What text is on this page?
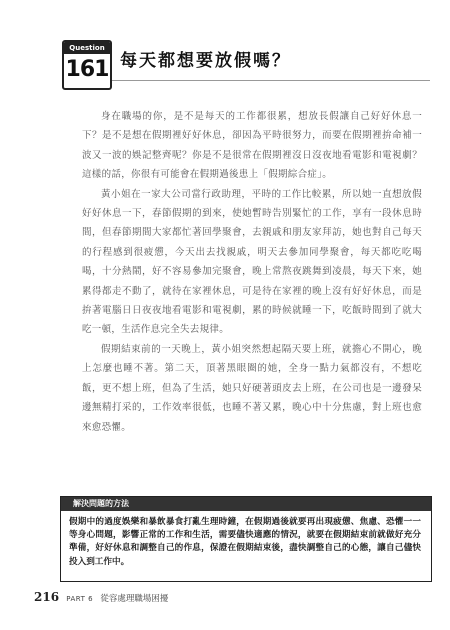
Question
161 每天都想要放假嗎？

身在職場的你，是不是每天的工作都很累，想放長假讓自己好好休息一下？是不是想在假期裡好好休息，卻因為平時很努力，而要在假期裡拚命補一波又一波的娛記整齊呢？你是不是很常在假期裡沒日沒夜地看電影和電視劇？這樣的話，你很有可能會在假期過後患上「假期綜合症」。

黃小姐在一家大公司當行政助理，平時的工作比較累，所以她一直想放假好好休息一下，春節假期的到來，使她暫時告別緊忙的工作，享有一段休息時間，但春節期間大家都忙著回學聚會，去親戚和朋友家拜訪，她也對自己每天的行程感到很疲憊，今天出去找親戚，明天去參加同學聚會，每天都吃吃喝喝，十分熱鬧，好不容易參加完聚會，晚上常熬夜跳舞到凌晨，每天下來，她累得都走不動了，就待在家裡休息，可是待在家裡的晚上沒有好好休息，而是拚著電腦日日夜夜地看電影和電視劇，累的時候就睡一下，吃飯時間到了就大吃一頓，生活作息完全失去規律。

假期結束前的一天晚上，黃小姐突然想起隔天要上班，就擔心不開心，晚上怎麼也睡不著。第二天，頂著黑眼圈的她，全身一點力氣都沒有，不想吃飯，更不想上班，但為了生活，她只好硬著頭皮去上班，在公司也是一邊發呆邊無精打采的，工作效率很低，也睡不著又累，晚心中十分焦慮，對上班也愈來愈恐懼。

解決問題的方法
假期中的過度娛樂和暴飲暴食打亂生理時鐘，在假期過後就要再出現疲憊、焦慮、恐懼一一等身心問題，影響正常的工作和生活，需要儘快適應的情況，就要在假期結束前就做好充分準備，好好休息和調整自己的作息，保證在假期結束後，盡快調整自己的心態，讓自己儘快投入到工作中。
216 PART 6 從容處理職場困擾
